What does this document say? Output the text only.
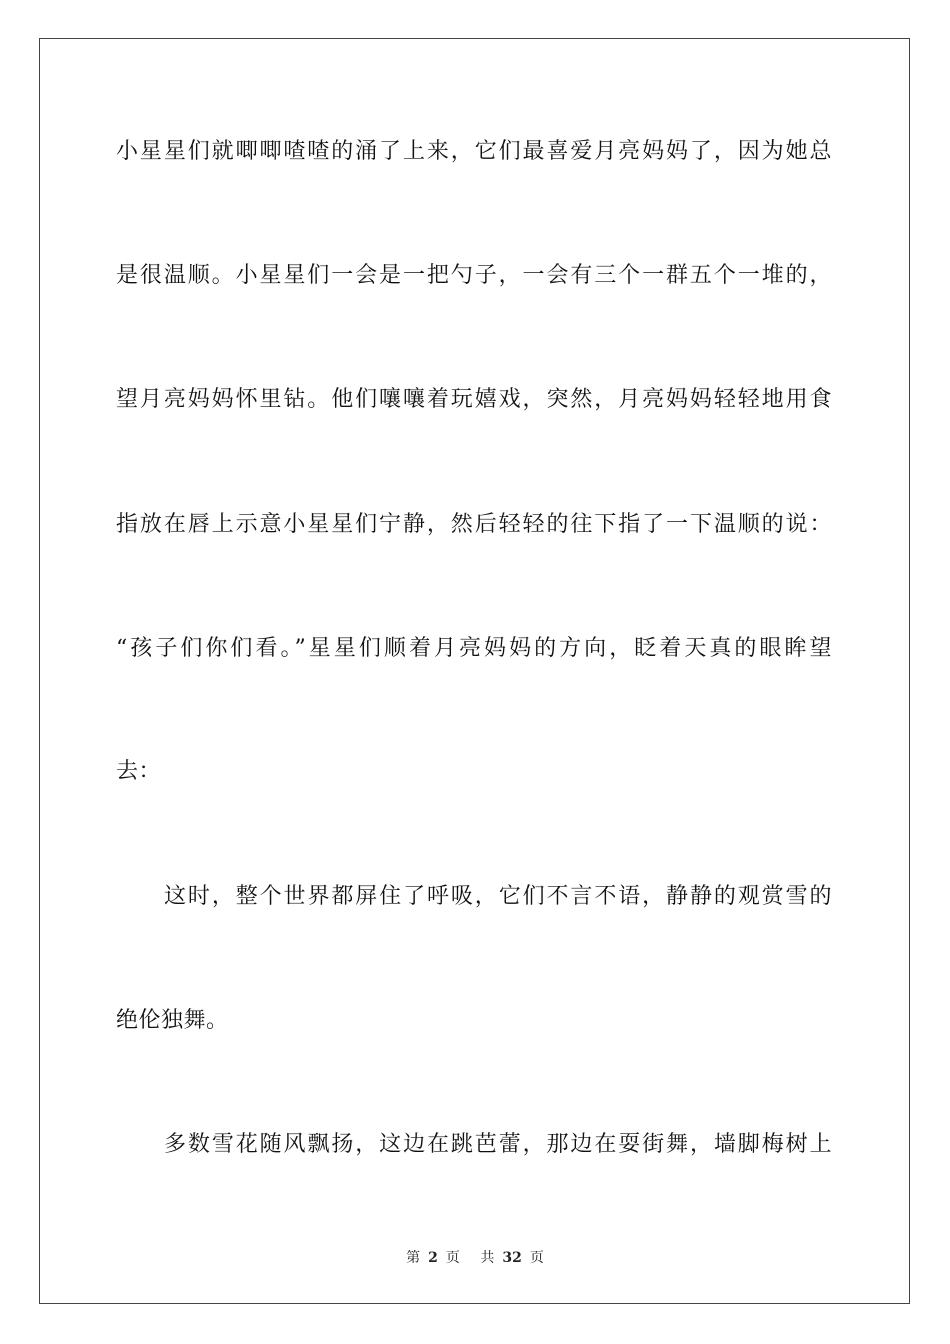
小星星们就唧唧喳喳的涌了上来，它们最喜爱月亮妈妈了，因为她总
是很温顺。小星星们一会是一把勺子，一会有三个一群五个一堆的，
望月亮妈妈怀里钻。他们嚷嚷着玩嬉戏，突然，月亮妈妈轻轻地用食
指放在唇上示意小星星们宁静，然后轻轻的往下指了一下温顺的说：
“孩子们你们看。”星星们顺着月亮妈妈的方向，眨着天真的眼眸望
去：
这时，整个世界都屏住了呼吸，它们不言不语，静静的观赏雪的
绝伦独舞。
多数雪花随风飘扬，这边在跳芭蕾，那边在耍街舞，墙脚梅树上
第 2 页 共 32 页
